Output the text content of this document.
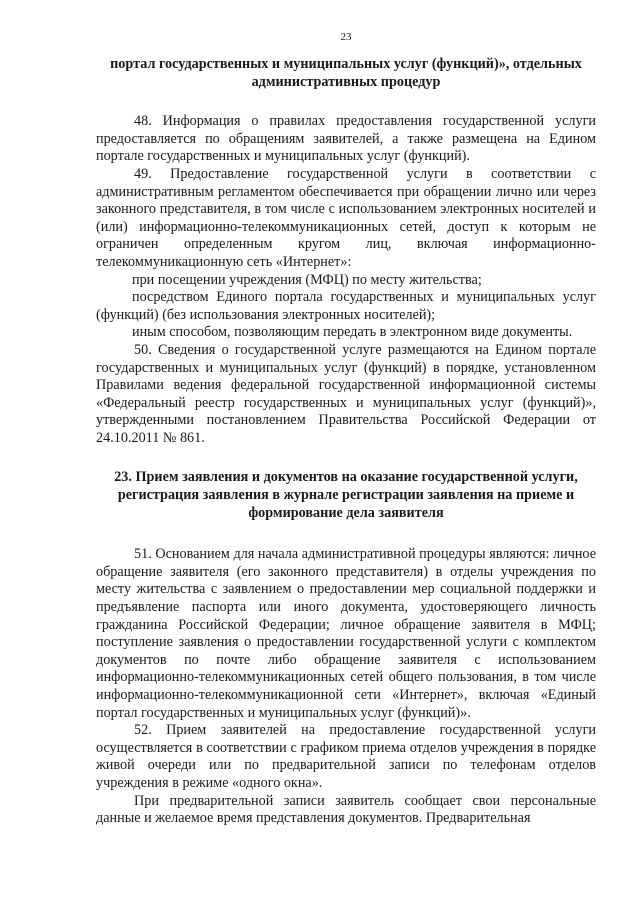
23
портал государственных и муниципальных услуг (функций)», отдельных административных процедур

48. Информация о правилах предоставления государственной услуги предоставляется по обращениям заявителей, а также размещена на Едином портале государственных и муниципальных услуг (функций).

49. Предоставление государственной услуги в соответствии с административным регламентом обеспечивается при обращении лично или через законного представителя, в том числе с использованием электронных носителей и (или) информационно-телекоммуникационных сетей, доступ к которым не ограничен определенным кругом лиц, включая информационно-телекоммуникационную сеть «Интернет»:

при посещении учреждения (МФЦ) по месту жительства;

посредством Единого портала государственных и муниципальных услуг (функций) (без использования электронных носителей);

иным способом, позволяющим передать в электронном виде документы.

50. Сведения о государственной услуге размещаются на Едином портале государственных и муниципальных услуг (функций) в порядке, установленном Правилами ведения федеральной государственной информационной системы «Федеральный реестр государственных и муниципальных услуг (функций)», утвержденными постановлением Правительства Российской Федерации от 24.10.2011 № 861.

23. Прием заявления и документов на оказание государственной услуги, регистрация заявления в журнале регистрации заявления на приеме и формирование дела заявителя

51. Основанием для начала административной процедуры являются: личное обращение заявителя (его законного представителя) в отделы учреждения по месту жительства с заявлением о предоставлении мер социальной поддержки и предъявление паспорта или иного документа, удостоверяющего личность гражданина Российской Федерации; личное обращение заявителя в МФЦ; поступление заявления о предоставлении государственной услуги с комплектом документов по почте либо обращение заявителя с использованием информационно-телекоммуникационных сетей общего пользования, в том числе информационно-телекоммуникационной сети «Интернет», включая «Единый портал государственных и муниципальных услуг (функций)».

52. Прием заявителей на предоставление государственной услуги осуществляется в соответствии с графиком приема отделов учреждения в порядке живой очереди или по предварительной записи по телефонам отделов учреждения в режиме «одного окна».

При предварительной записи заявитель сообщает свои персональные данные и желаемое время представления документов. Предварительная
